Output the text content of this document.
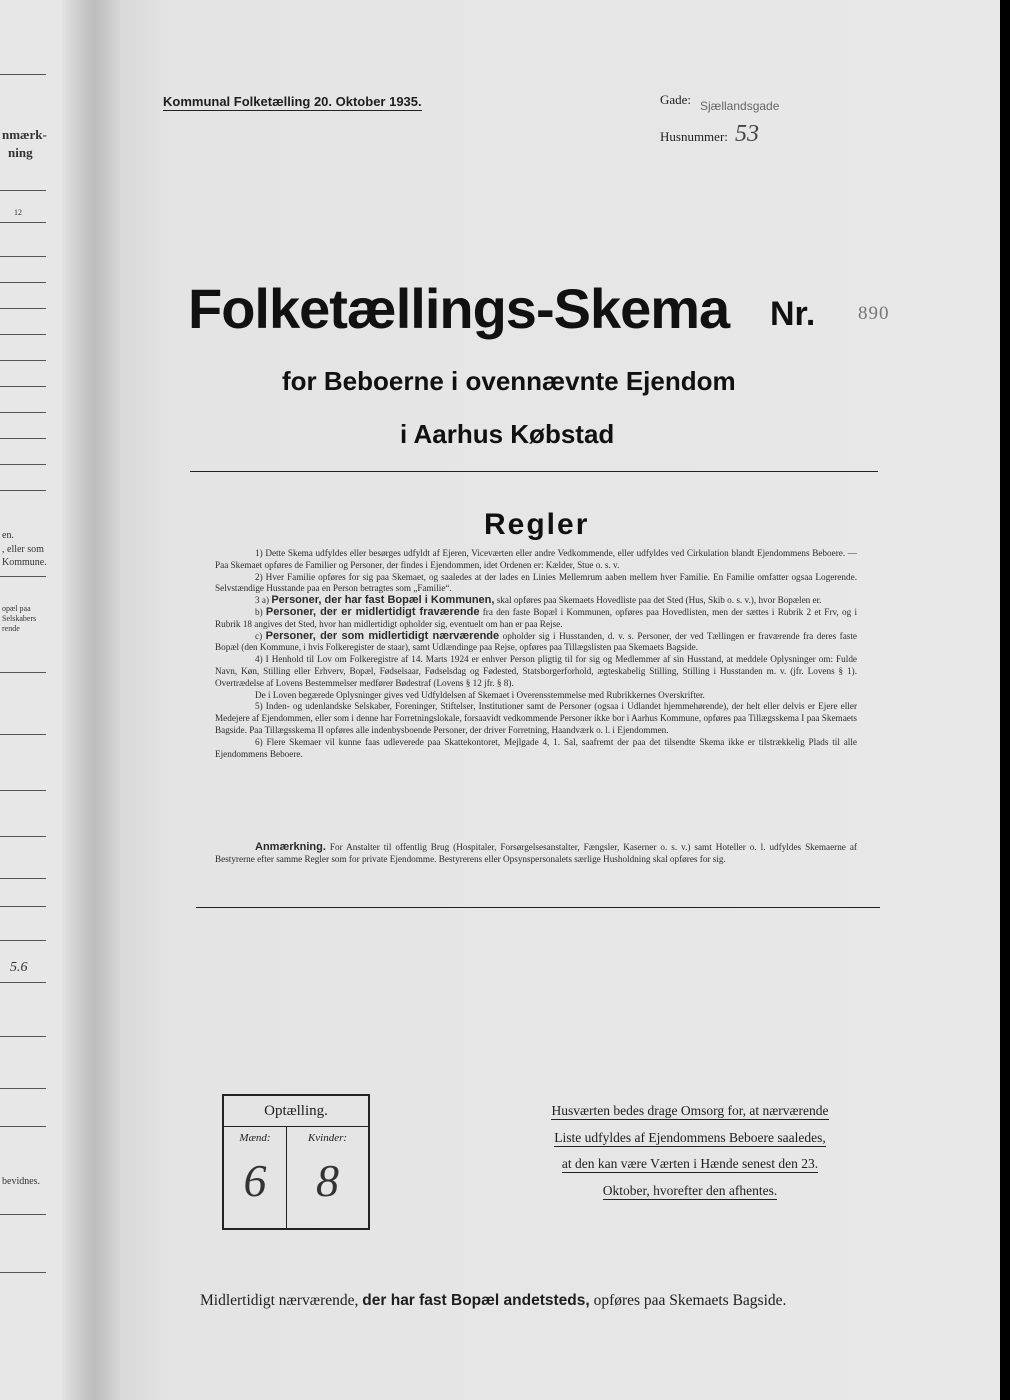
nmærk-
ning
12
en.
, eller som
Kommune.
opæl paa
Selskabers
rende
5.6
bevidnes.
Kommunal Folketælling 20. Oktober 1935.	Gade: Sjællandsgade
Husnummer: 53
Folketællings-Skema Nr. 890
for Beboerne i ovennævnte Ejendom
i Aarhus Købstad
Regler

1) Dette Skema udfyldes eller besørges udfyldt af Ejeren, Viceværten eller andre Vedkommende, eller udfyldes ved Cirkulation blandt Ejendommens Beboere. — Paa Skemaet opføres de Familier og Personer, der findes i Ejendommen, idet Ordenen er: Kælder, Stue o. s. v.

2) Hver Familie opføres for sig paa Skemaet, og saaledes at der lades en Linies Mellemrum aaben mellem hver Familie. En Familie omfatter ogsaa Logerende. Selvstændige Husstande paa en Person betragtes som „Familie“.

3 a) Personer, der har fast Bopæl i Kommunen, skal opføres paa Skemaets Hovedliste paa det Sted (Hus, Skib o. s. v.), hvor Bopælen er.

b) Personer, der er midlertidigt fraværende fra den faste Bopæl i Kommunen, opføres paa Hovedlisten, men der sættes i Rubrik 2 et Frv, og i Rubrik 18 angives det Sted, hvor han midlertidigt opholder sig, eventuelt om han er paa Rejse.

c) Personer, der som midlertidigt nærværende opholder sig i Husstanden, d. v. s. Personer, der ved Tællingen er fraværende fra deres faste Bopæl (den Kommune, i hvis Folkeregister de staar), samt Udlændinge paa Rejse, opføres paa Tillægslisten paa Skemaets Bagside.

4) I Henhold til Lov om Folkeregistre af 14. Marts 1924 er enhver Person pligtig til for sig og Medlemmer af sin Husstand, at meddele Oplysninger om: Fulde Navn, Køn, Stilling eller Erhverv, Bopæl, Fødselsaar, Fødselsdag og Fødested, Statsborgerforhold, ægteskabelig Stilling, Stilling i Husstanden m. v. (jfr. Lovens § 1). Overtrædelse af Lovens Bestemmelser medfører Bødestraf (Lovens § 12 jfr. § 8).

De i Loven begærede Oplysninger gives ved Udfyldelsen af Skemaet i Overensstemmelse med Rubrikkernes Overskrifter.

5) Inden- og udenlandske Selskaber, Foreninger, Stiftelser, Institutioner samt de Personer (ogsaa i Udlandet hjemmehørende), der helt eller delvis er Ejere eller Medejere af Ejendommen, eller som i denne har Forretningslokale, forsaavidt vedkommende Personer ikke bor i Aarhus Kommune, opføres paa Tillægsskema I paa Skemaets Bagside. Paa Tillægsskema II opføres alle indenbysboende Personer, der driver Forretning, Haandværk o. l. i Ejendommen.

6) Flere Skemaer vil kunne faas udleverede paa Skattekontoret, Mejlgade 4, 1. Sal, saafremt der paa det tilsendte Skema ikke er tilstrækkelig Plads til alle Ejendommens Beboere.

Anmærkning. For Anstalter til offentlig Brug (Hospitaler, Forsørgelsesanstalter, Fængsler, Kaserner o. s. v.) samt Hoteller o. l. udfyldes Skemaerne af Bestyrerne efter samme Regler som for private Ejendomme. Bestyrerens eller Opsynspersonalets særlige Husholdning skal opføres for sig.

Optælling.
Mænd:	Kvinder:
6	8
Husværten bedes drage Omsorg for, at nærværende
Liste udfyldes af Ejendommens Beboere saaledes,
at den kan være Værten i Hænde senest den 23.
Oktober, hvorefter den afhentes.
Midlertidigt nærværende, der har fast Bopæl andetsteds, opføres paa Skemaets Bagside.
